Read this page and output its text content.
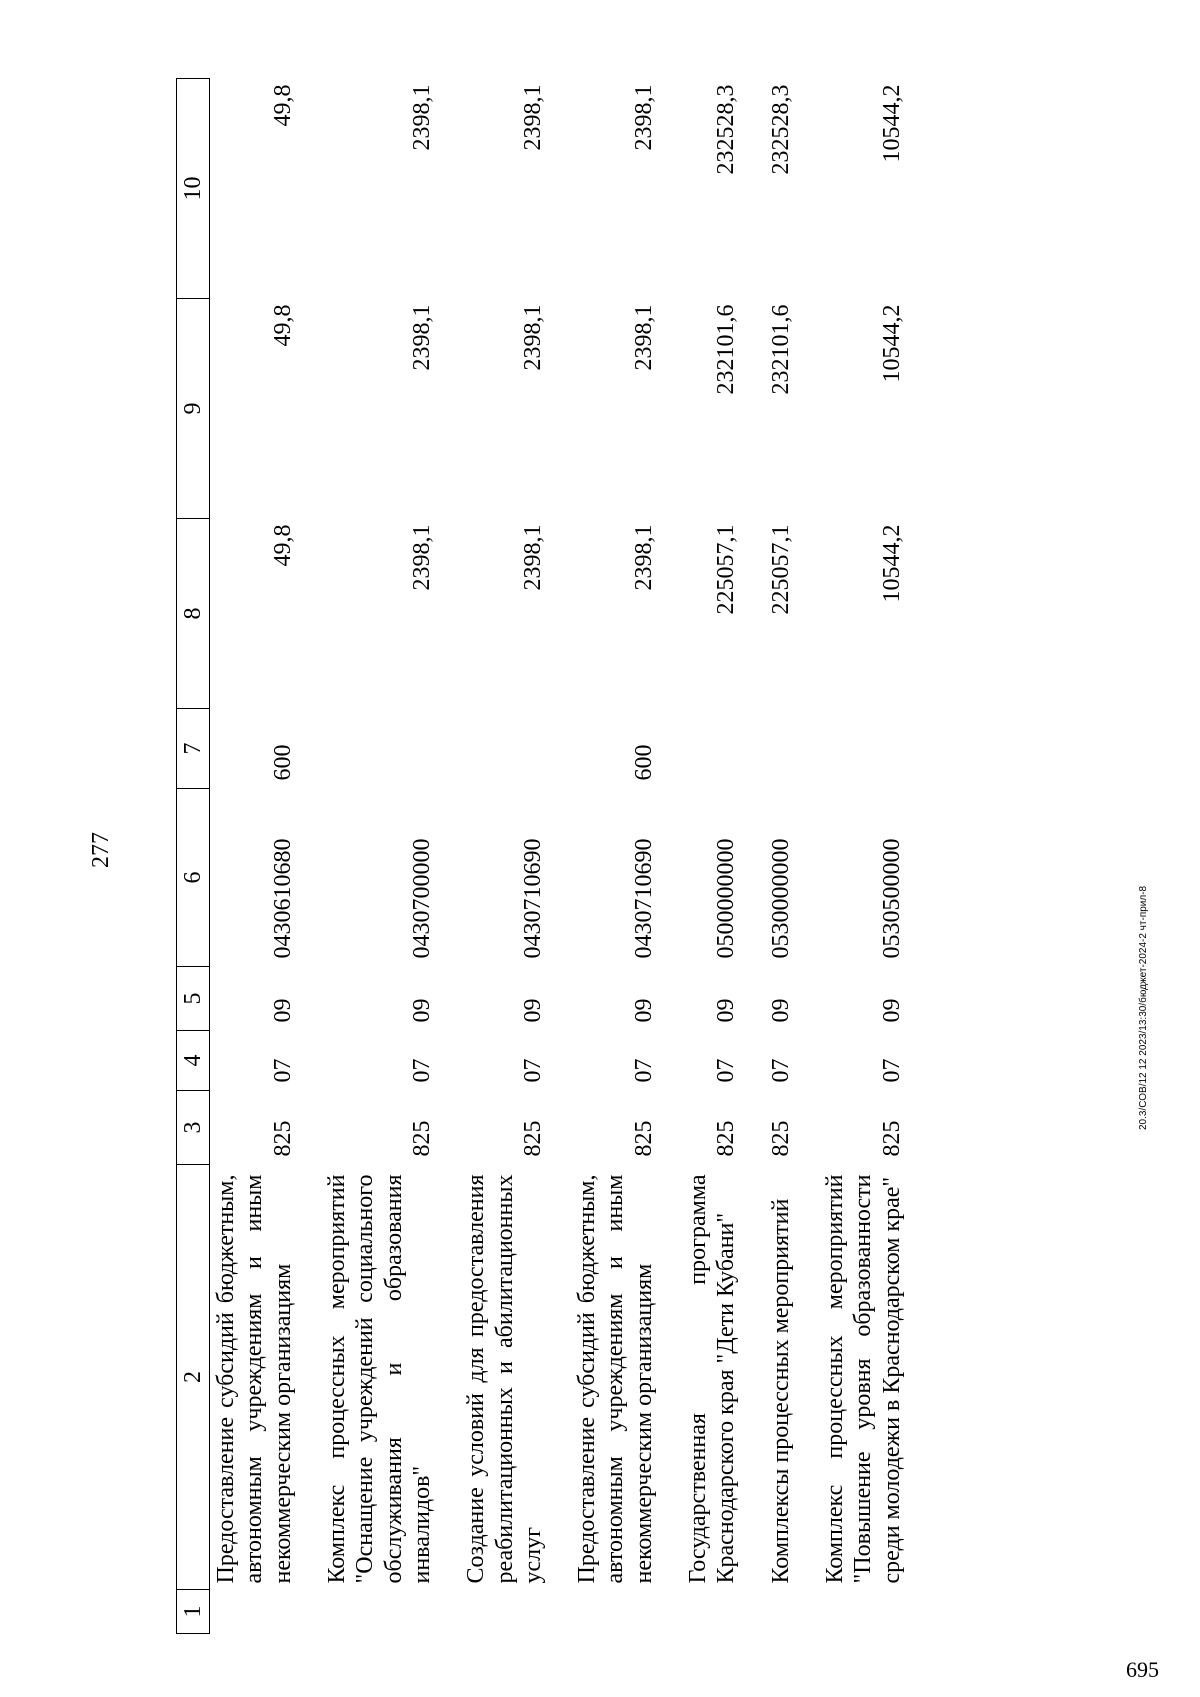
277
20.3/СОВ/12 12 2023/13:30/бюджет-2024-2 чт-прил-8
695
1	2	3	4	5	6	7	8	9	10
	Предоставление субсидий бюджетным, автономным учреждениям и иным некоммерческим организациям	825	07	09	0430610680	600	49,8	49,8	49,8
	Комплекс процессных мероприятий "Оснащение учреждений социального обслуживания и образования инвалидов"	825	07	09	0430700000		2398,1	2398,1	2398,1
	Создание условий для предоставления реабилитационных и абилитационных услуг	825	07	09	0430710690		2398,1	2398,1	2398,1
	Предоставление субсидий бюджетным, автономным учреждениям и иным некоммерческим организациям	825	07	09	0430710690	600	2398,1	2398,1	2398,1
	Государственная программа Краснодарского края "Дети Кубани"	825	07	09	0500000000		225057,1	232101,6	232528,3
	Комплексы процессных мероприятий	825	07	09	0530000000		225057,1	232101,6	232528,3
	Комплекс процессных мероприятий "Повышение уровня образованности среди молодежи в Краснодарском крае"	825	07	09	0530500000		10544,2	10544,2	10544,2
